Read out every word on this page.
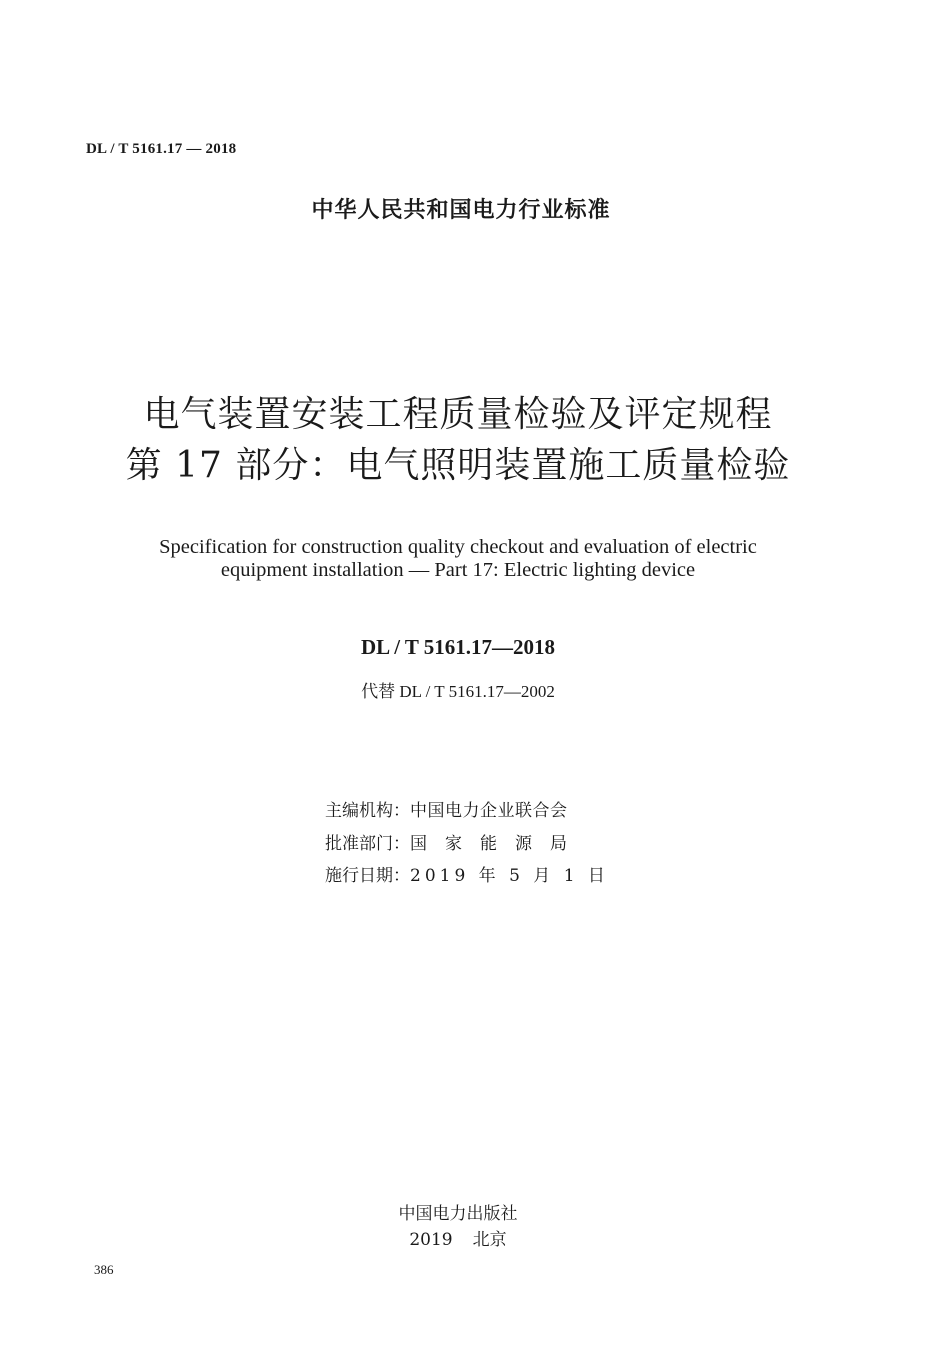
DL / T 5161.17 — 2018
中华人民共和国电力行业标准
电气装置安装工程质量检验及评定规程
第 17 部分：电气照明装置施工质量检验
Specification for construction quality checkout and evaluation of electric
equipment installation — Part 17: Electric lighting device
DL / T 5161.17—2018
代替 DL / T 5161.17—2002
主编机构：中国电力企业联合会
批准部门：国家能源局
施行日期：2019 年 5 月 1 日
中国电力出版社
2019 北京
386
